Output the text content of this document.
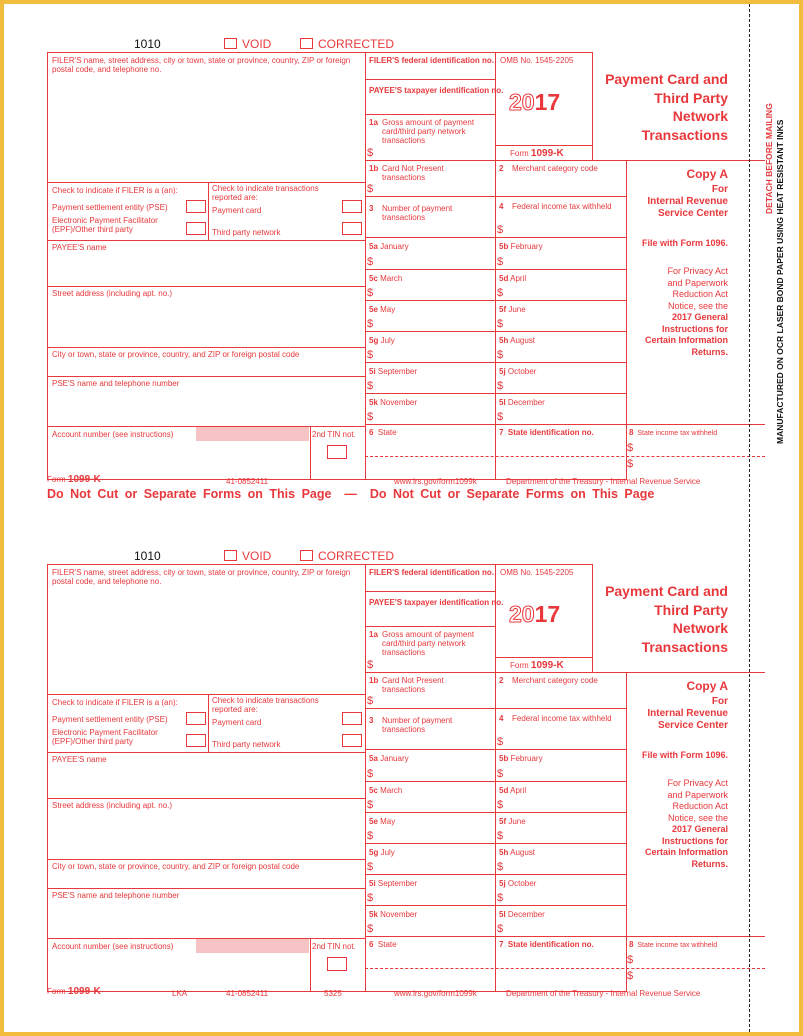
1010	VOID	CORRECTED
FILER'S name, street address, city or town, state or province, country, ZIP or foreign postal code, and telephone no.
Check to indicate if FILER is a (an):
Payment settlement entity (PSE)
Electronic Payment Facilitator (EPF)/Other third party
Check to indicate transactions reported are:
Payment card
Third party network
PAYEE'S name
Street address (including apt. no.)
City or town, state or province, country, and ZIP or foreign postal code
PSE'S name and telephone number
Account number (see instructions)	2nd TIN not.
FILER'S federal identification no.
PAYEE'S taxpayer identification no.
1a Gross amount of payment card/third party network transactions
$
1b Card Not Present transactions
$
2 Merchant category code
3 Number of payment transactions
4 Federal income tax withheld
$
5a January
$
5b February
$
5c March
$
5d April
$
5e May
$
5f June
$
5g July
$
5h August
$
5i September
$
5j October
$
5k November
$
5l December
$
6 State	7 State identification no.	8 State income tax withheld
$
$
OMB No. 1545-2205
2017
Form 1099-K
Payment Card and
Third Party
Network
Transactions
Copy A
For
Internal Revenue
Service Center
File with Form 1096.
For Privacy Act
and Paperwork
Reduction Act
Notice, see the
2017 General
Instructions for
Certain Information
Returns.
Form 1099-K	41-0852411	www.irs.gov/form1099k	Department of the Treasury - Internal Revenue Service
Do Not Cut or Separate Forms on This Page  —  Do Not Cut or Separate Forms on This Page
1010	VOID	CORRECTED
FILER'S name, street address, city or town, state or province, country, ZIP or foreign postal code, and telephone no.
Check to indicate if FILER is a (an):
Payment settlement entity (PSE)
Electronic Payment Facilitator (EPF)/Other third party
Check to indicate transactions reported are:
Payment card
Third party network
PAYEE'S name
Street address (including apt. no.)
City or town, state or province, country, and ZIP or foreign postal code
PSE'S name and telephone number
Account number (see instructions)	2nd TIN not.
FILER'S federal identification no.
PAYEE'S taxpayer identification no.
1a Gross amount of payment card/third party network transactions
$
1b Card Not Present transactions
$
2 Merchant category code
3 Number of payment transactions
4 Federal income tax withheld
$
5a January
$
5b February
$
5c March
$
5d April
$
5e May
$
5f June
$
5g July
$
5h August
$
5i September
$
5j October
$
5k November
$
5l December
$
6 State	7 State identification no.	8 State income tax withheld
$
$
OMB No. 1545-2205
2017
Form 1099-K
Payment Card and
Third Party
Network
Transactions
Copy A
For
Internal Revenue
Service Center
File with Form 1096.
For Privacy Act
and Paperwork
Reduction Act
Notice, see the
2017 General
Instructions for
Certain Information
Returns.
Form 1099-K	LKA	41-0852411	5325	www.irs.gov/form1099k	Department of the Treasury - Internal Revenue Service
DETACH BEFORE MAILING MANUFACTURED ON OCR LASER BOND PAPER USING HEAT RESISTANT INKS
